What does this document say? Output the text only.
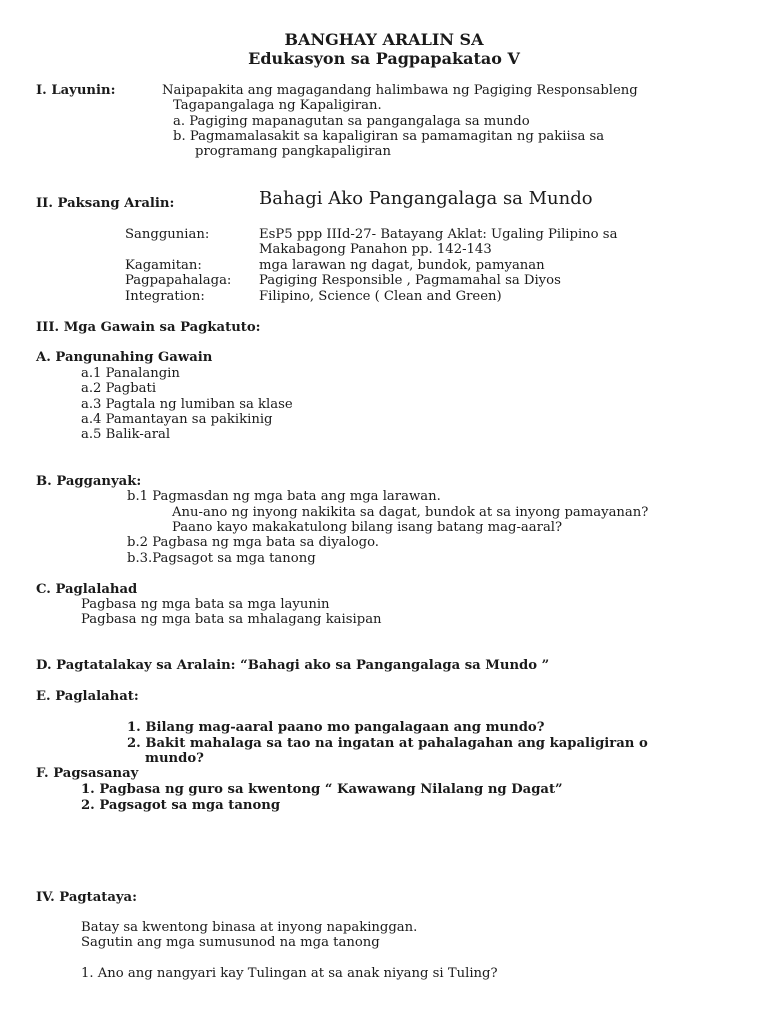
BANGHAY ARALIN SA
Edukasyon sa Pagpapakatao V
I. Layunin:	Naipapakita ang magagandang halimbawa ng Pagiging Responsableng
Tagapangalaga ng Kapaligiran.
a. Pagiging mapanagutan sa pangangalaga sa mundo
b. Pagmamalasakit sa kapaligiran sa pamamagitan ng pakiisa sa
programang pangkapaligiran
II. Paksang Aralin:	Bahagi Ako Pangangalaga sa Mundo
Sanggunian:	EsP5 ppp IIId-27- Batayang Aklat: Ugaling Pilipino sa
Makabagong Panahon pp. 142-143
Kagamitan:	mga larawan ng dagat, bundok, pamyanan
Pagpapahalaga: Pagiging Responsible , Pagmamahal sa Diyos
Integration:	Filipino, Science ( Clean and Green)
III. Mga Gawain sa Pagkatuto:
A. Pangunahing Gawain
a.1 Panalangin
a.2 Pagbati
a.3 Pagtala ng lumiban sa klase
a.4 Pamantayan sa pakikinig
a.5 Balik-aral
B. Pagganyak:
b.1 Pagmasdan ng mga bata ang mga larawan.
Anu-ano ng inyong nakikita sa dagat, bundok at sa inyong pamayanan?
Paano kayo makakatulong bilang isang batang mag-aaral?
b.2 Pagbasa ng mga bata sa diyalogo.
b.3.Pagsagot sa mga tanong
C. Paglalahad
Pagbasa ng mga bata sa mga layunin
Pagbasa ng mga bata sa mhalagang kaisipan
D. Pagtatalakay sa Aralain: “Bahagi ako sa Pangangalaga sa Mundo ”
E. Paglalahat:
1. Bilang mag-aaral paano mo pangalagaan ang mundo?
2. Bakit mahalaga sa tao na ingatan at pahalagahan ang kapaligiran o
mundo?
F. Pagsasanay
1. Pagbasa ng guro sa kwentong “ Kawawang Nilalang ng Dagat”
2. Pagsagot sa mga tanong
IV. Pagtataya:
Batay sa kwentong binasa at inyong napakinggan.
Sagutin ang mga sumusunod na mga tanong
1. Ano ang nangyari kay Tulingan at sa anak niyang si Tuling?
